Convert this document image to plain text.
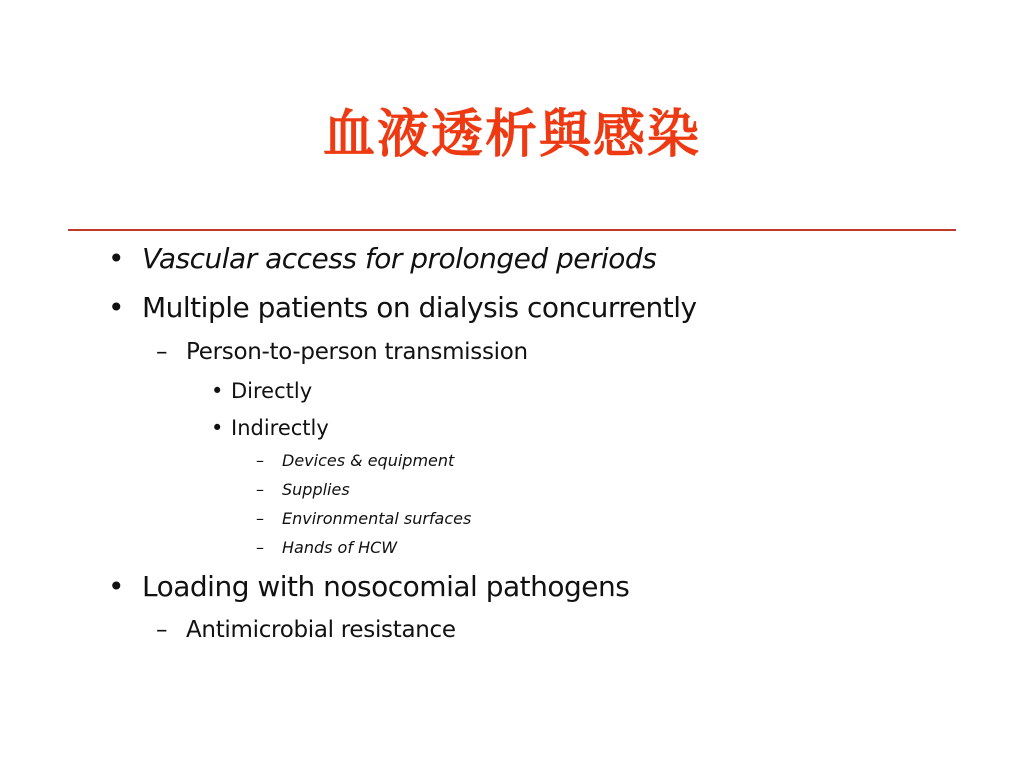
血液透析與感染
• Vascular access for prolonged periods
• Multiple patients on dialysis concurrently
– Person-to-person transmission
• Directly
• Indirectly
– Devices & equipment
– Supplies
– Environmental surfaces
– Hands of HCW
• Loading with nosocomial pathogens
– Antimicrobial resistance
